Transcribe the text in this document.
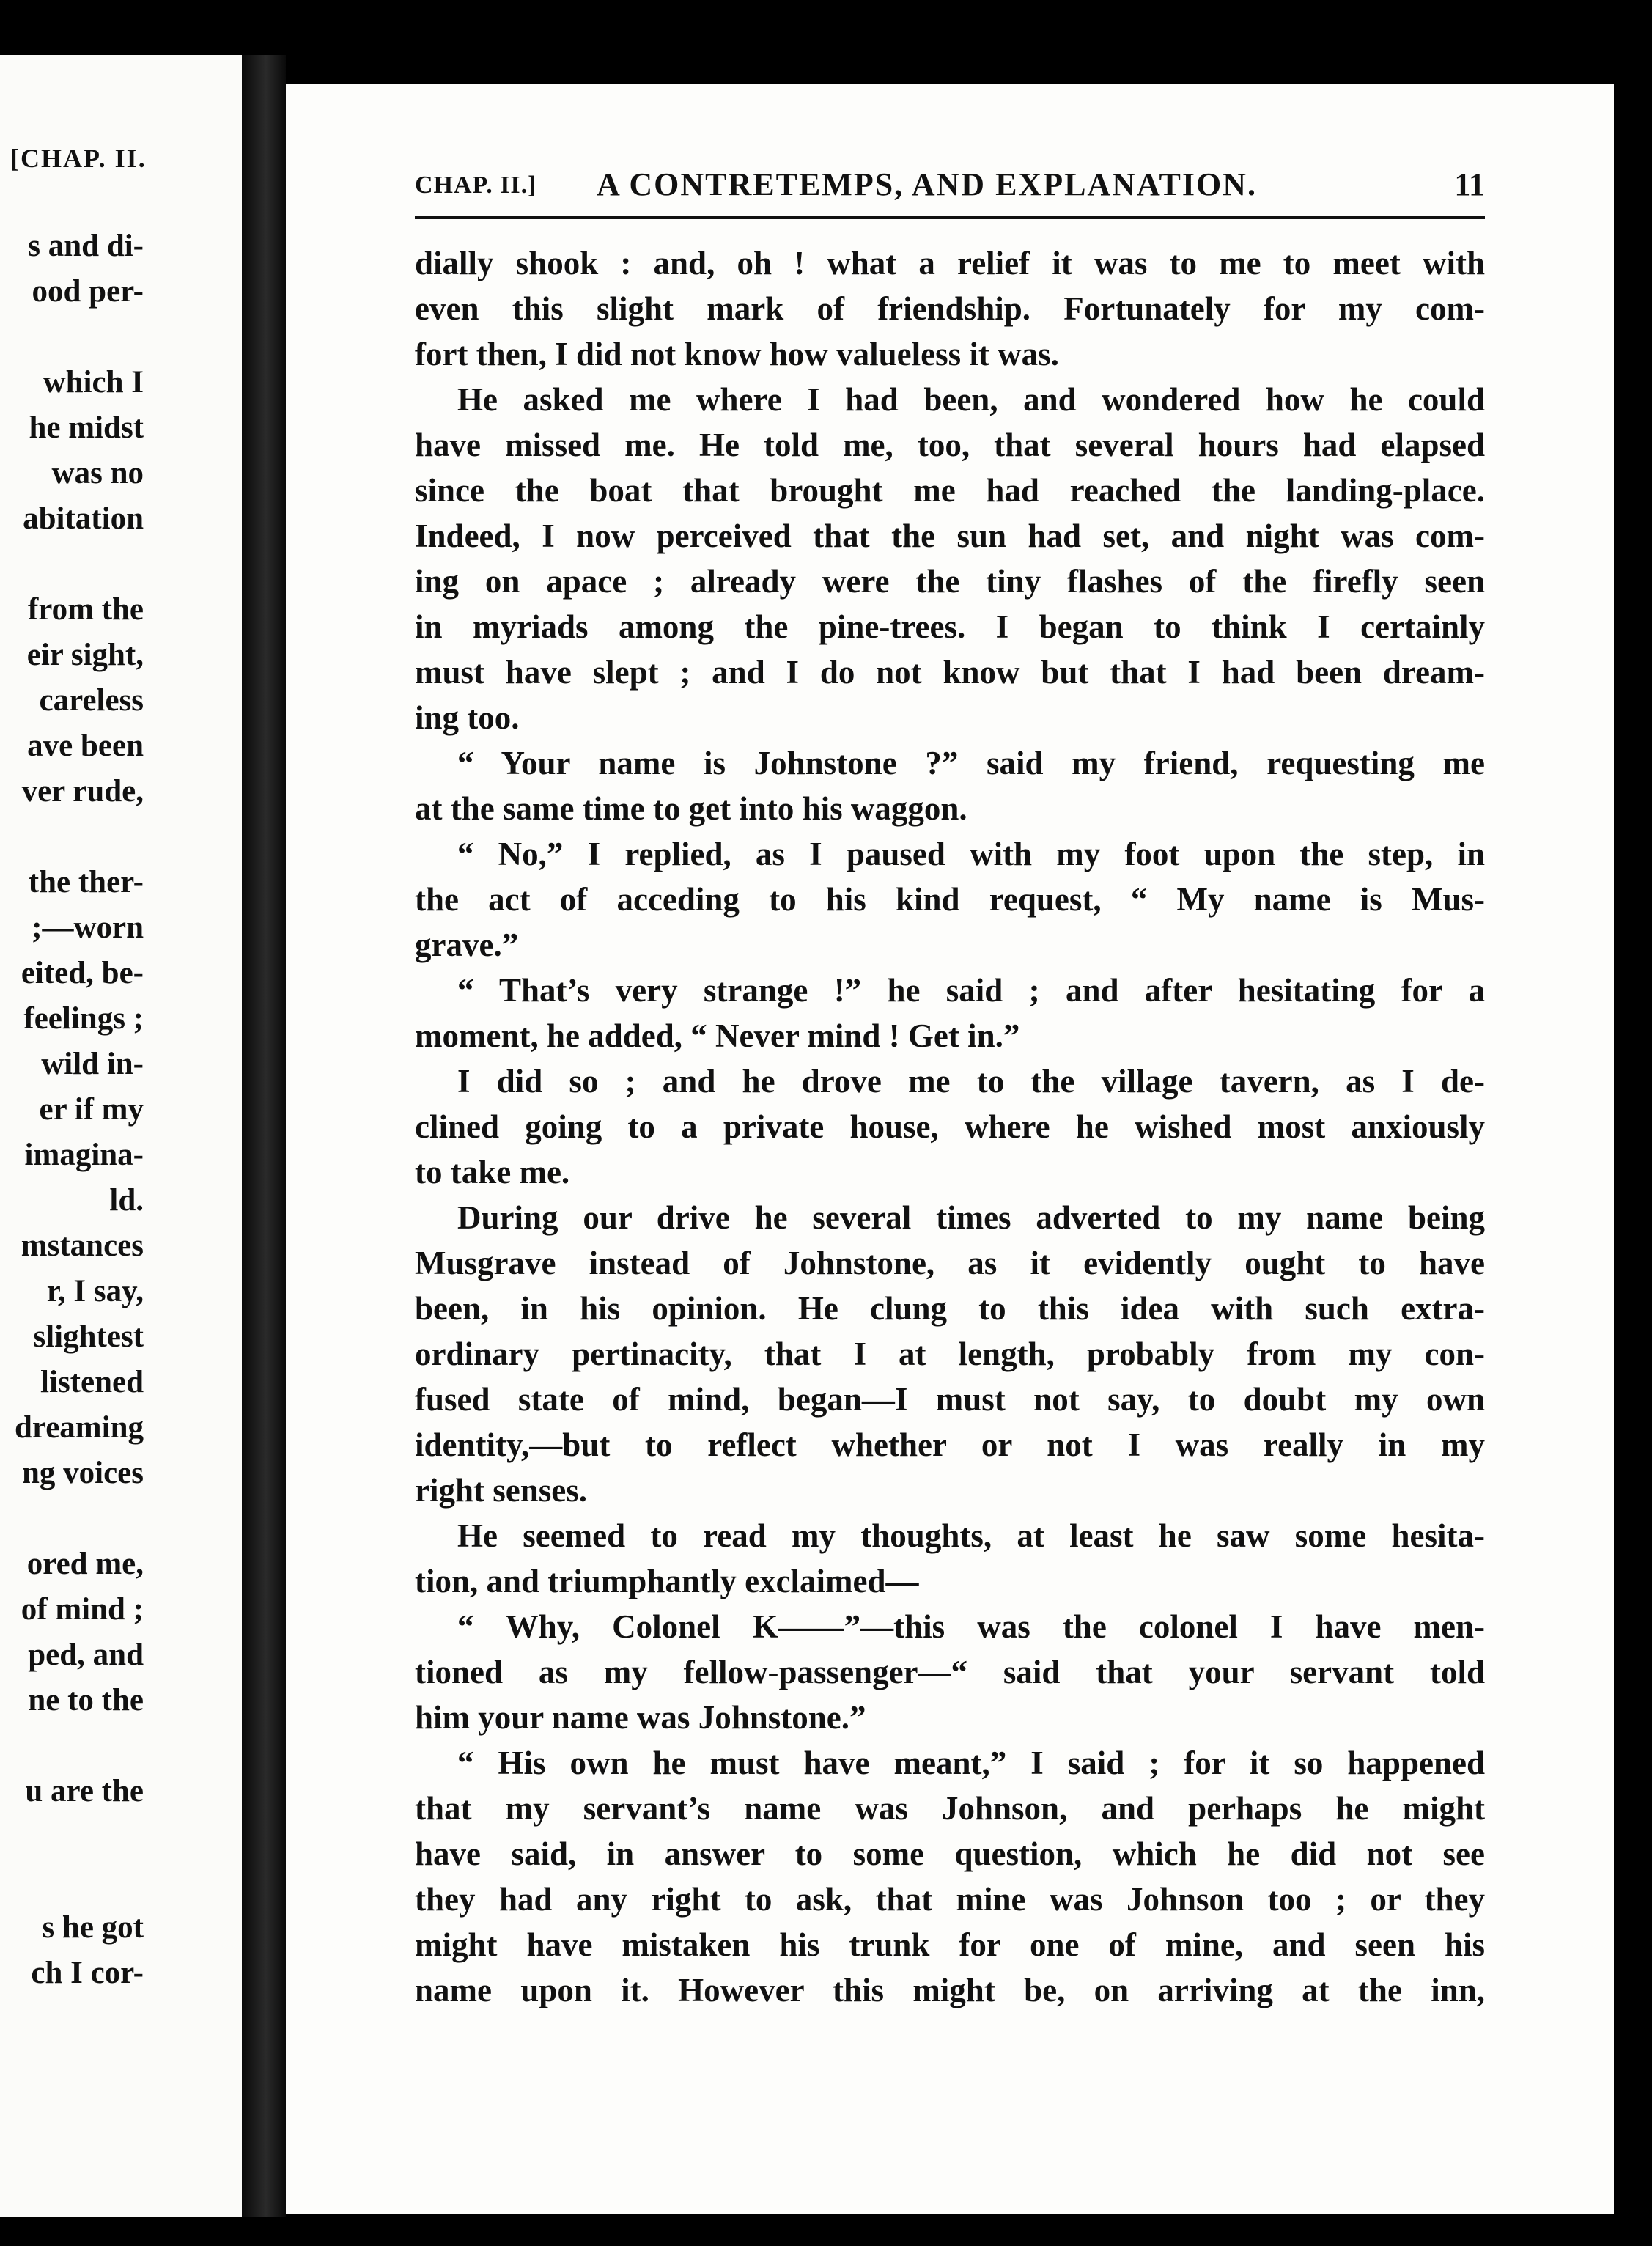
[CHAP. II.
s and di-
ood per-
which I
he midst
was no
abitation
from the
eir sight,
careless
ave been
ver rude,
the ther-
;—worn
eited, be-
feelings ;
wild in-
er if my
imagina-
ld.
mstances
r, I say,
slightest
listened
dreaming
ng voices
ored me,
of mind ;
ped, and
ne to the
u are the
s he got
ch I cor-
CHAP. II.] A CONTRETEMPS, AND EXPLANATION.	11
dially shook : and, oh ! what a relief it was to me to meet with
even this slight mark of friendship. Fortunately for my com-
fort then, I did not know how valueless it was.
He asked me where I had been, and wondered how he could
have missed me. He told me, too, that several hours had elapsed
since the boat that brought me had reached the landing-place.
Indeed, I now perceived that the sun had set, and night was com-
ing on apace ; already were the tiny flashes of the firefly seen
in myriads among the pine-trees. I began to think I certainly
must have slept ; and I do not know but that I had been dream-
ing too.
“ Your name is Johnstone ?” said my friend, requesting me
at the same time to get into his waggon.
“ No,” I replied, as I paused with my foot upon the step, in
the act of acceding to his kind request, “ My name is Mus-
grave.”
“ That’s very strange !” he said ; and after hesitating for a
moment, he added, “ Never mind ! Get in.”
I did so ; and he drove me to the village tavern, as I de-
clined going to a private house, where he wished most anxiously
to take me.
During our drive he several times adverted to my name being
Musgrave instead of Johnstone, as it evidently ought to have
been, in his opinion. He clung to this idea with such extra-
ordinary pertinacity, that I at length, probably from my con-
fused state of mind, began—I must not say, to doubt my own
identity,—but to reflect whether or not I was really in my
right senses.
He seemed to read my thoughts, at least he saw some hesita-
tion, and triumphantly exclaimed—
“ Why, Colonel K——”—this was the colonel I have men-
tioned as my fellow-passenger—“ said that your servant told
him your name was Johnstone.”
“ His own he must have meant,” I said ; for it so happened
that my servant’s name was Johnson, and perhaps he might
have said, in answer to some question, which he did not see
they had any right to ask, that mine was Johnson too ; or they
might have mistaken his trunk for one of mine, and seen his
name upon it. However this might be, on arriving at the inn,
